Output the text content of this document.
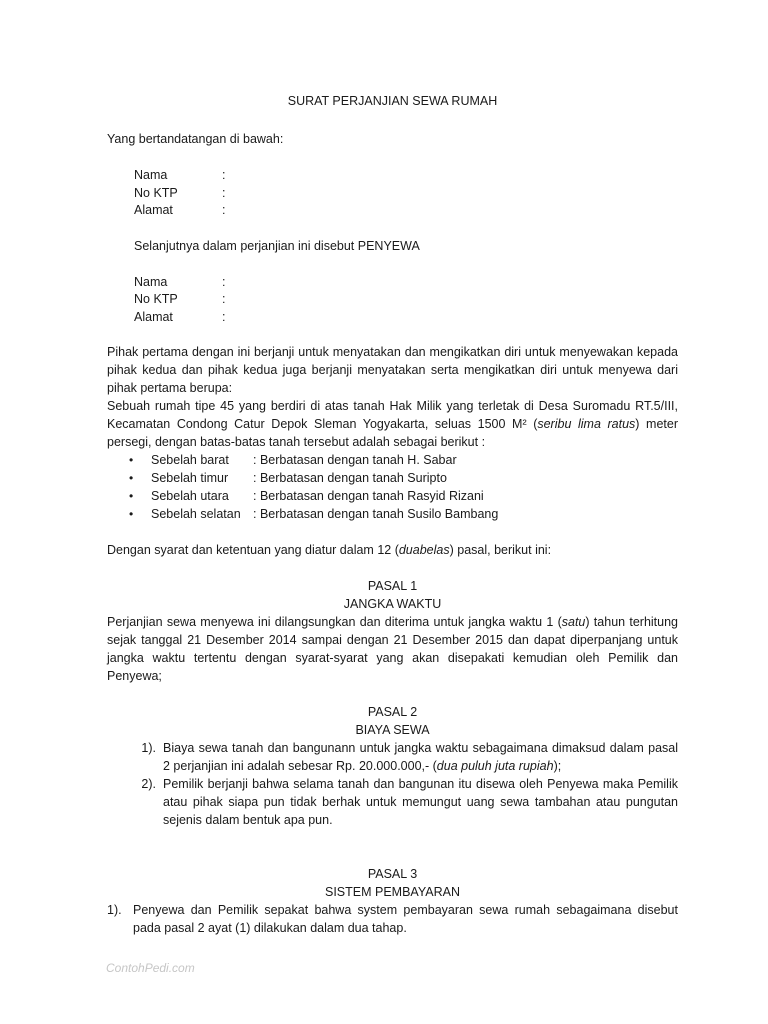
SURAT PERJANJIAN SEWA RUMAH

Yang bertandatangan di bawah:

Nama	:
No KTP	:
Alamat	:

Selanjutnya dalam perjanjian ini disebut PENYEWA

Nama	:
No KTP	:
Alamat	:

Pihak pertama dengan ini berjanji untuk menyatakan dan mengikatkan diri untuk menyewakan kepada pihak kedua dan pihak kedua juga berjanji menyatakan serta mengikatkan diri untuk menyewa dari pihak pertama berupa:

Sebuah rumah tipe 45 yang berdiri di atas tanah Hak Milik yang terletak di Desa Suromadu RT.5/III, Kecamatan Condong Catur Depok Sleman Yogyakarta, seluas 1500 M² (seribu lima ratus) meter persegi, dengan batas-batas tanah tersebut adalah sebagai berikut :

•	Sebelah barat	: Berbatasan dengan tanah H. Sabar
•	Sebelah timur	: Berbatasan dengan tanah Suripto
•	Sebelah utara	: Berbatasan dengan tanah Rasyid Rizani
•	Sebelah selatan : Berbatasan dengan tanah Susilo Bambang

Dengan syarat dan ketentuan yang diatur dalam 12 (duabelas) pasal, berikut ini:

PASAL 1

JANGKA WAKTU

Perjanjian sewa menyewa ini dilangsungkan dan diterima untuk jangka waktu 1 (satu) tahun terhitung sejak tanggal 21 Desember 2014 sampai dengan 21 Desember 2015 dan dapat diperpanjang untuk jangka waktu tertentu dengan syarat-syarat yang akan disepakati kemudian oleh Pemilik dan Penyewa;

PASAL 2

BIAYA SEWA

1). Biaya sewa tanah dan bangunann untuk jangka waktu sebagaimana dimaksud dalam pasal 2 perjanjian ini adalah sebesar Rp. 20.000.000,- (dua puluh juta rupiah);
2). Pemilik berjanji bahwa selama tanah dan bangunan itu disewa oleh Penyewa maka Pemilik atau pihak siapa pun tidak berhak untuk memungut uang sewa tambahan atau pungutan sejenis dalam bentuk apa pun.

PASAL 3

SISTEM PEMBAYARAN

1). Penyewa dan Pemilik sepakat bahwa system pembayaran sewa rumah sebagaimana disebut pada pasal 2 ayat (1) dilakukan dalam dua tahap.
ContohPedi.com
